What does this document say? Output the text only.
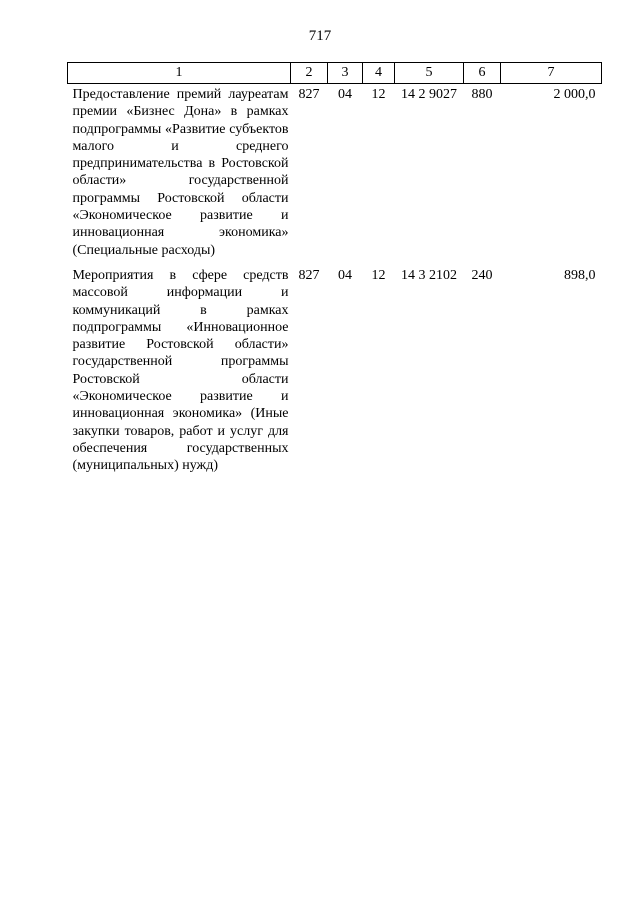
717
1	2	3	4	5	6	7
Предоставление премий лауреатам премии «Бизнес Дона» в рамках подпрограммы «Развитие субъектов малого и среднего предпринимательства в Ростовской области» государственной программы Ростовской области «Экономическое развитие и инновационная экономика» (Специальные расходы)	827	04	12	14 2 9027	880	2 000,0
Мероприятия в сфере средств массовой информации и коммуникаций в рамках подпрограммы «Инновационное развитие Ростовской области» государственной программы Ростовской области «Экономическое развитие и инновационная экономика» (Иные закупки товаров, работ и услуг для обеспечения государственных (муниципальных) нужд)	827	04	12	14 3 2102	240	898,0
